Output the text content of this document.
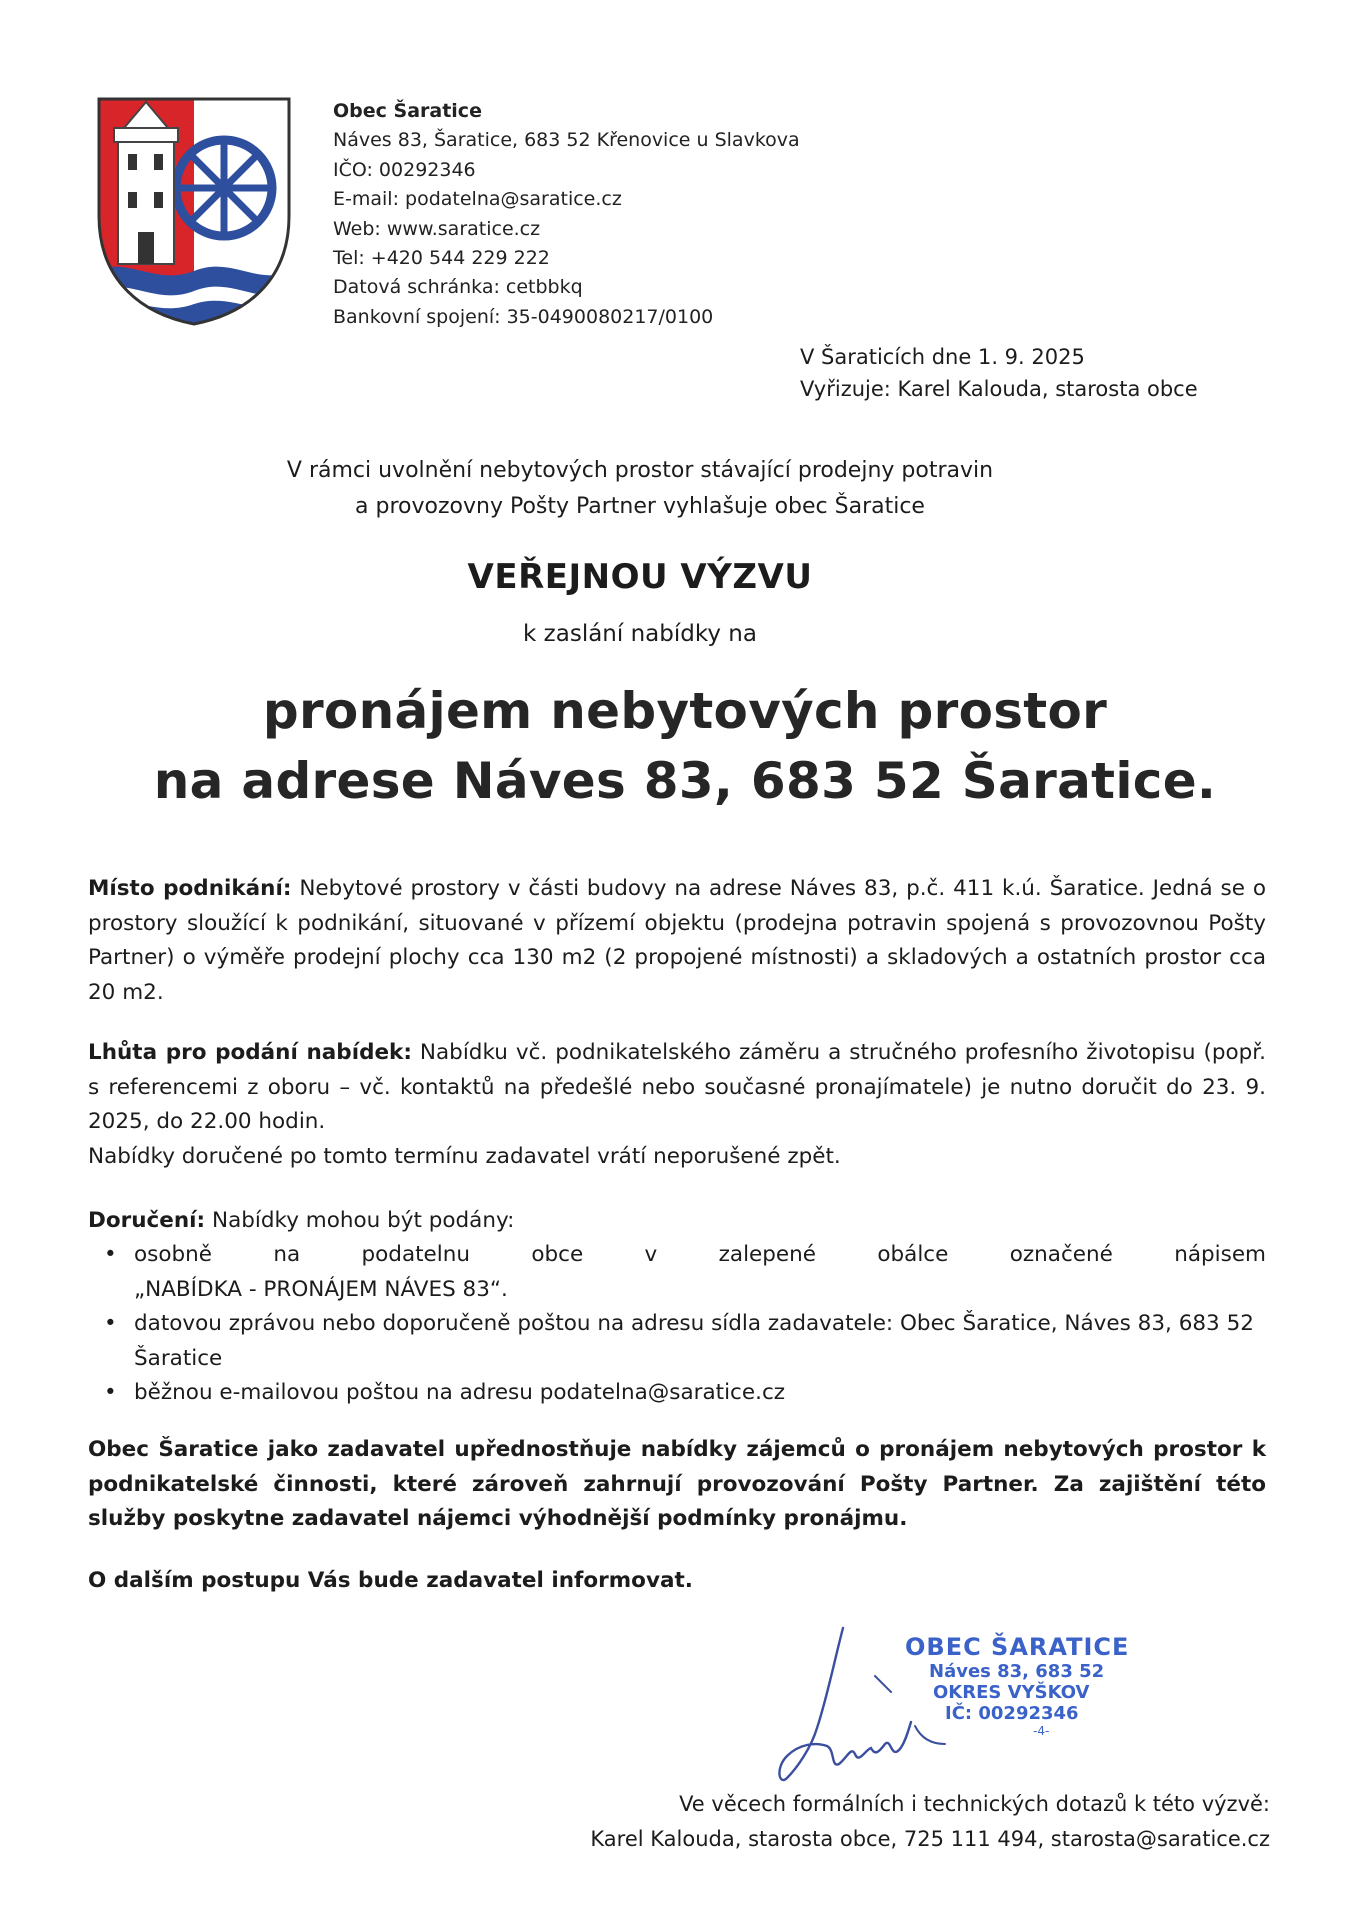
Obec Šaratice
Náves 83, Šaratice, 683 52 Křenovice u Slavkova
IČO: 00292346
E-mail: podatelna@saratice.cz
Web: www.saratice.cz
Tel: +420 544 229 222
Datová schránka: cetbbkq
Bankovní spojení: 35-0490080217/0100
V Šaraticích dne 1. 9. 2025
Vyřizuje: Karel Kalouda, starosta obce
V rámci uvolnění nebytových prostor stávající prodejny potravin
a provozovny Pošty Partner vyhlašuje obec Šaratice
VEŘEJNOU VÝZVU
k zaslání nabídky na
pronájem nebytových prostor
na adrese Náves 83, 683 52 Šaratice.
Místo podnikání: Nebytové prostory v části budovy na adrese Náves 83, p.č. 411 k.ú. Šaratice. Jedná se o prostory sloužící k podnikání, situované v přízemí objektu (prodejna potravin spojená s provozovnou Pošty Partner) o výměře prodejní plochy cca 130 m2 (2 propojené místnosti) a skladových a ostatních prostor cca 20 m2.
Lhůta pro podání nabídek: Nabídku vč. podnikatelského záměru a stručného profesního životopisu (popř. s referencemi z oboru – vč. kontaktů na předešlé nebo současné pronajímatele) je nutno doručit do 23. 9. 2025, do 22.00 hodin.
Nabídky doručené po tomto termínu zadavatel vrátí neporušené zpět.
Doručení: Nabídky mohou být podány:
• osobně na podatelnu obce v zalepené obálce označené nápisem
„NABÍDKA - PRONÁJEM NÁVES 83“.
• datovou zprávou nebo doporučeně poštou na adresu sídla zadavatele: Obec Šaratice, Náves 83, 683 52 Šaratice
• běžnou e-mailovou poštou na adresu podatelna@saratice.cz
Obec Šaratice jako zadavatel upřednostňuje nabídky zájemců o pronájem nebytových prostor k podnikatelské činnosti, které zároveň zahrnují provozování Pošty Partner. Za zajištění této služby poskytne zadavatel nájemci výhodnější podmínky pronájmu.
O dalším postupu Vás bude zadavatel informovat.
OBEC ŠARATICE
Náves 83, 683 52
OKRES VYŠKOV
IČ: 00292346
-4-
Ve věcech formálních i technických dotazů k této výzvě:
Karel Kalouda, starosta obce, 725 111 494, starosta@saratice.cz
